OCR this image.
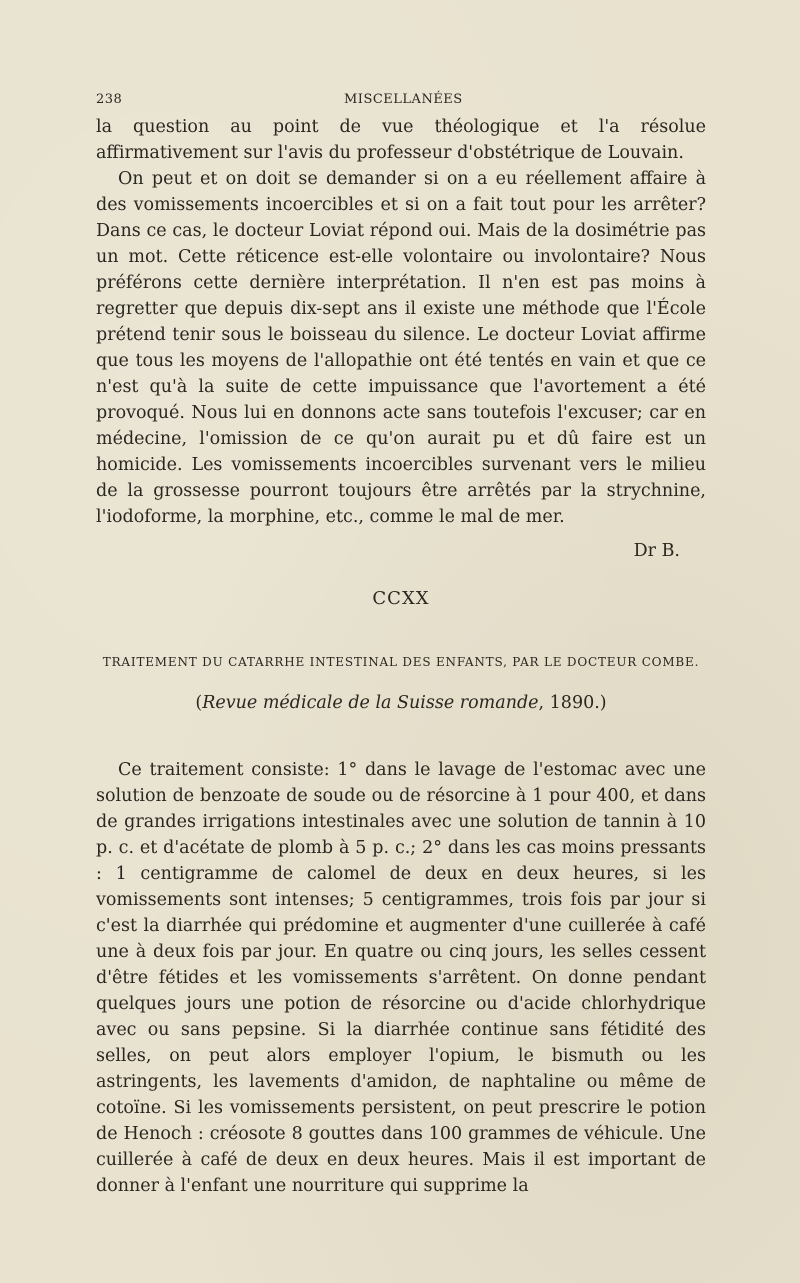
238	MISCELLANÉES

la question au point de vue théologique et l'a résolue affirmativement sur l'avis du professeur d'obstétrique de Louvain.

On peut et on doit se demander si on a eu réellement affaire à des vomissements incoercibles et si on a fait tout pour les arrêter? Dans ce cas, le docteur Loviat répond oui. Mais de la dosimétrie pas un mot. Cette réticence est-elle volontaire ou involontaire? Nous préférons cette dernière interprétation. Il n'en est pas moins à regretter que depuis dix-sept ans il existe une méthode que l'École prétend tenir sous le boisseau du silence. Le docteur Loviat affirme que tous les moyens de l'allopathie ont été tentés en vain et que ce n'est qu'à la suite de cette impuissance que l'avortement a été provoqué. Nous lui en donnons acte sans toutefois l'excuser; car en médecine, l'omission de ce qu'on aurait pu et dû faire est un homicide. Les vomissements incoercibles survenant vers le milieu de la grossesse pourront toujours être arrêtés par la strychnine, l'iodoforme, la morphine, etc., comme le mal de mer.

Dr B.
CCXX
TRAITEMENT DU CATARRHE INTESTINAL DES ENFANTS, PAR LE DOCTEUR COMBE.
(Revue médicale de la Suisse romande, 1890.)

Ce traitement consiste: 1° dans le lavage de l'estomac avec une solution de benzoate de soude ou de résorcine à 1 pour 400, et dans de grandes irrigations intestinales avec une solution de tannin à 10 p. c. et d'acétate de plomb à 5 p. c.; 2° dans les cas moins pressants : 1 centigramme de calomel de deux en deux heures, si les vomissements sont intenses; 5 centigrammes, trois fois par jour si c'est la diarrhée qui prédomine et augmenter d'une cuillerée à café une à deux fois par jour. En quatre ou cinq jours, les selles cessent d'être fétides et les vomissements s'arrêtent. On donne pendant quelques jours une potion de résorcine ou d'acide chlorhydrique avec ou sans pepsine. Si la diarrhée continue sans fétidité des selles, on peut alors employer l'opium, le bismuth ou les astringents, les lavements d'amidon, de naphtaline ou même de cotoïne. Si les vomissements persistent, on peut prescrire le potion de Henoch : créosote 8 gouttes dans 100 grammes de véhicule. Une cuillerée à café de deux en deux heures. Mais il est important de donner à l'enfant une nourriture qui supprime la
